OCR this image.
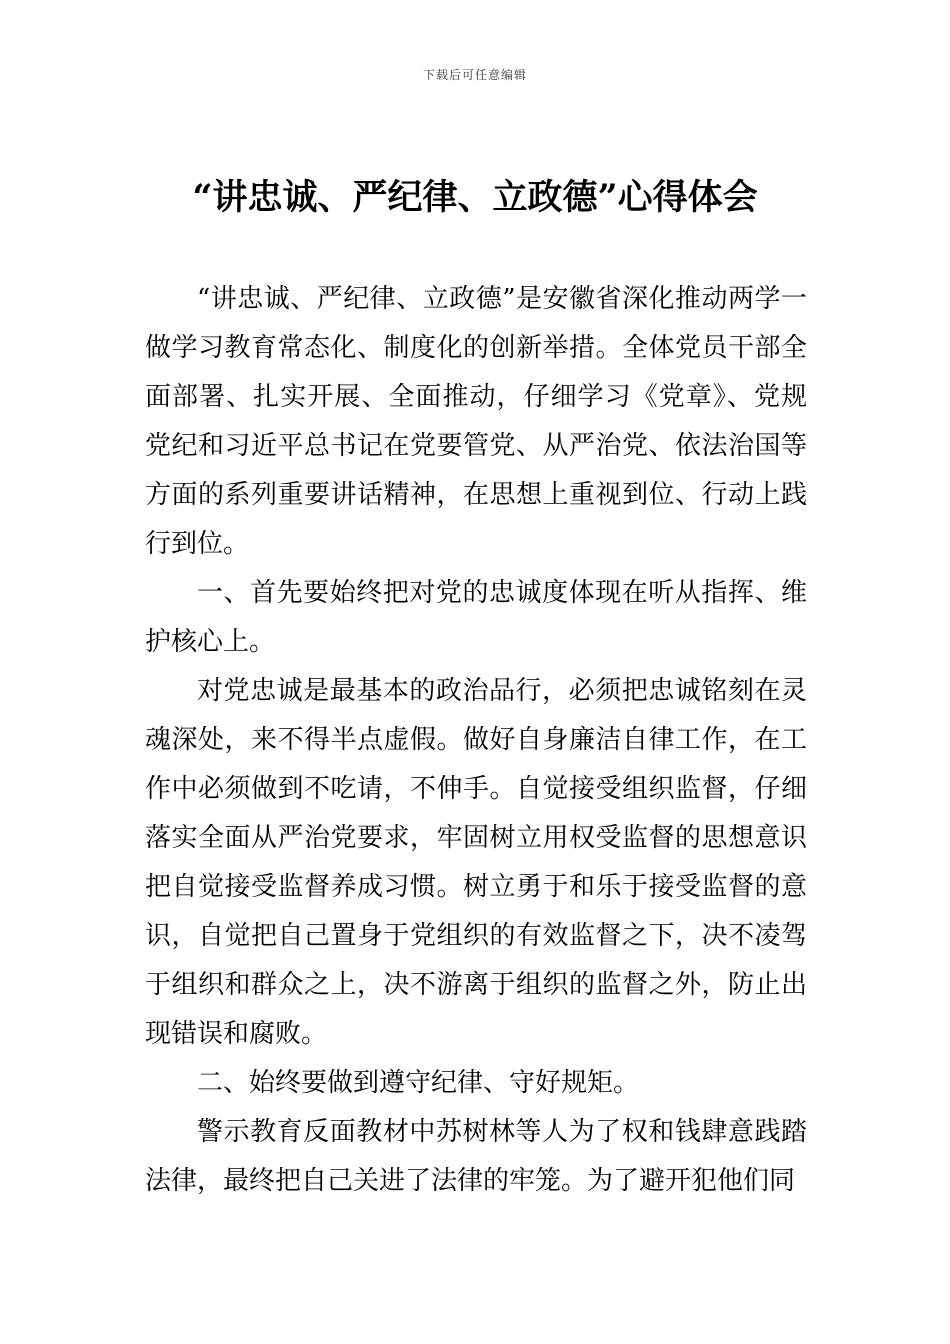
下载后可任意编辑
“讲忠诚、严纪律、立政德”心得体会

“讲忠诚、严纪律、立政德”是安徽省深化推动两学一做学习教育常态化、制度化的创新举措。全体党员干部全面部署、扎实开展、全面推动，仔细学习《党章》、党规党纪和习近平总书记在党要管党、从严治党、依法治国等方面的系列重要讲话精神，在思想上重视到位、行动上践行到位。

一、首先要始终把对党的忠诚度体现在听从指挥、维护核心上。

对党忠诚是最基本的政治品行，必须把忠诚铭刻在灵魂深处，来不得半点虚假。做好自身廉洁自律工作，在工作中必须做到不吃请，不伸手。自觉接受组织监督，仔细落实全面从严治党要求，牢固树立用权受监督的思想意识把自觉接受监督养成习惯。树立勇于和乐于接受监督的意识，自觉把自己置身于党组织的有效监督之下，决不凌驾于组织和群众之上，决不游离于组织的监督之外，防止出现错误和腐败。

二、始终要做到遵守纪律、守好规矩。

警示教育反面教材中苏树林等人为了权和钱肆意践踏法律，最终把自己关进了法律的牢笼。为了避开犯他们同
